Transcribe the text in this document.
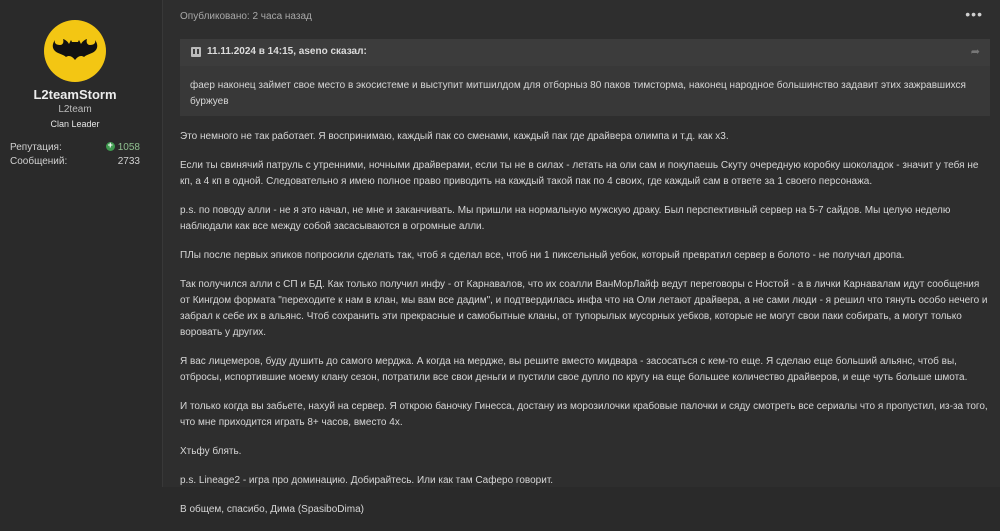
L2teamStorm
L2team
Clan Leader
Репутация:
+	1058
Сообщений:	2733
Опубликовано: 2 часа назад	•••
11.11.2024 в 14:15, aseno сказал:	➦
фаер наконец займет свое место в экосистеме и выступит митшилдом для отборныз 80 паков тимсторма, наконец народное большинство задавит этих зажравшихся буржуев

Это немного не так работает. Я воспринимаю, каждый пак со сменами, каждый пак где драйвера олимпа и т.д. как x3.

Если ты свинячий патруль с утренними, ночными драйверами, если ты не в силах - летать на оли сам и покупаешь Скуту очередную коробку шоколадок - значит у тебя не кп, а 4 кп в одной. Следовательно я имею полное право приводить на каждый такой пак по 4 своих, где каждый сам в ответе за 1 своего персонажа.

p.s. по поводу алли - не я это начал, не мне и заканчивать. Мы пришли на нормальную мужскую драку. Был перспективный сервер на 5-7 сайдов. Мы целую неделю наблюдали как все между собой засасываются в огромные алли.

ПЛы после первых эпиков попросили сделать так, чтоб я сделал все, чтоб ни 1 пиксельный уебок, который превратил сервер в болото - не получал дропа.

Так получился алли с СП и БД. Как только получил инфу - от Карнавалов, что их соалли ВанМорЛайф ведут переговоры с Ностой - а в лички Карнавалам идут сообщения от Кингдом формата "переходите к нам в клан, мы вам все дадим", и подтвердилась инфа что на Оли летают драйвера, а не сами люди - я решил что тянуть особо нечего и забрал к себе их в альянс. Чтоб сохранить эти прекрасные и самобытные кланы, от тупорылых мусорных уебков, которые не могут свои паки собирать, а могут только воровать у других.

Я вас лицемеров, буду душить до самого мерджа. А когда на мердже, вы решите вместо мидвара - засосаться с кем-то еще. Я сделаю еще больший альянс, чтоб вы, отбросы, испортившие моему клану сезон, потратили все свои деньги и пустили свое дупло по кругу на еще большее количество драйверов, и еще чуть больше шмота.

И только когда вы забьете, нахуй на сервер. Я открою баночку Гинесса, достану из морозилочки крабовые палочки и сяду смотреть все сериалы что я пропустил, из-за того, что мне приходится играть 8+ часов, вместо 4х.

Хтьфу блять.

p.s. Lineage2 - игра про доминацию. Добирайтесь. Или как там Саферо говорит.

В общем, спасибо, Дима (SpasiboDima)
